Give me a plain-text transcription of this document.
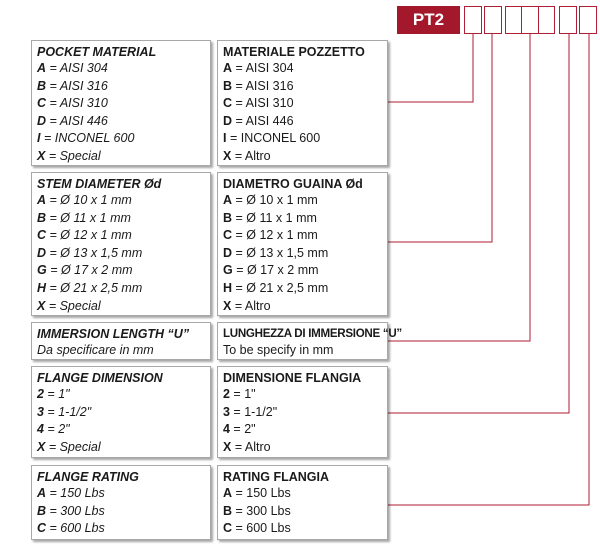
PT2
POCKET MATERIAL
A = AISI 304
B = AISI 316
C = AISI 310
D = AISI 446
I = INCONEL 600
X = Special
MATERIALE POZZETTO
A = AISI 304
B = AISI 316
C = AISI 310
D = AISI 446
I = INCONEL 600
X = Altro
STEM DIAMETER Ød
A = Ø 10 x 1 mm
B = Ø 11 x 1 mm
C = Ø 12 x 1 mm
D = Ø 13 x 1,5 mm
G = Ø 17 x 2 mm
H = Ø 21 x 2,5 mm
X = Special
DIAMETRO GUAINA Ød
A = Ø 10 x 1 mm
B = Ø 11 x 1 mm
C = Ø 12 x 1 mm
D = Ø 13 x 1,5 mm
G = Ø 17 x 2 mm
H = Ø 21 x 2,5 mm
X = Altro
IMMERSION LENGTH “U”
Da specificare in mm
LUNGHEZZA DI IMMERSIONE “U”
To be specify in mm
FLANGE DIMENSION
2 = 1"
3 = 1-1/2"
4 = 2"
X = Special
DIMENSIONE FLANGIA
2 = 1"
3 = 1-1/2"
4 = 2"
X = Altro
FLANGE RATING
A = 150 Lbs
B = 300 Lbs
C = 600 Lbs
RATING FLANGIA
A = 150 Lbs
B = 300 Lbs
C = 600 Lbs
